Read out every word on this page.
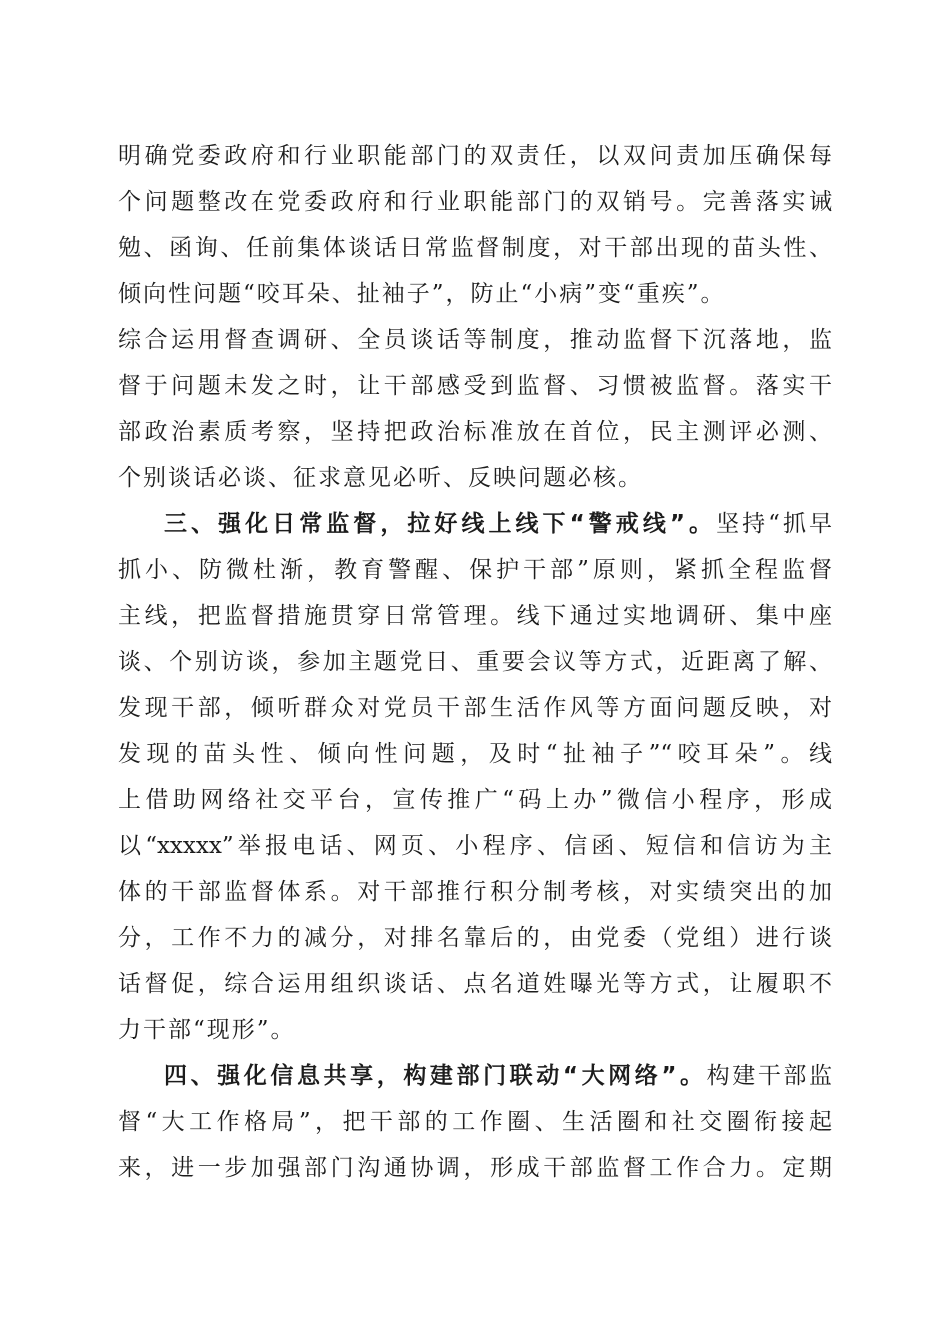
明确党委政府和行业职能部门的双责任，以双问责加压确保每
个问题整改在党委政府和行业职能部门的双销号。完善落实诫
勉、函询、任前集体谈话日常监督制度，对干部出现的苗头性、
倾向性问题“咬耳朵、扯袖子”，防止“小病”变“重疾”。
综合运用督查调研、全员谈话等制度，推动监督下沉落地，监
督于问题未发之时，让干部感受到监督、习惯被监督。落实干
部政治素质考察，坚持把政治标准放在首位，民主测评必测、
个别谈话必谈、征求意见必听、反映问题必核。
三、强化日常监督，拉好线上线下“警戒线”。坚持“抓早
抓小、防微杜渐，教育警醒、保护干部”原则，紧抓全程监督
主线，把监督措施贯穿日常管理。线下通过实地调研、集中座
谈、个别访谈，参加主题党日、重要会议等方式，近距离了解、
发现干部，倾听群众对党员干部生活作风等方面问题反映，对
发现的苗头性、倾向性问题，及时“扯袖子”“咬耳朵”。线
上借助网络社交平台，宣传推广“码上办”微信小程序，形成
以“xxxxx”举报电话、网页、小程序、信函、短信和信访为主
体的干部监督体系。对干部推行积分制考核，对实绩突出的加
分，工作不力的减分，对排名靠后的，由党委（党组）进行谈
话督促，综合运用组织谈话、点名道姓曝光等方式，让履职不
力干部“现形”。
四、强化信息共享，构建部门联动“大网络”。构建干部监
督“大工作格局”，把干部的工作圈、生活圈和社交圈衔接起
来，进一步加强部门沟通协调，形成干部监督工作合力。定期
